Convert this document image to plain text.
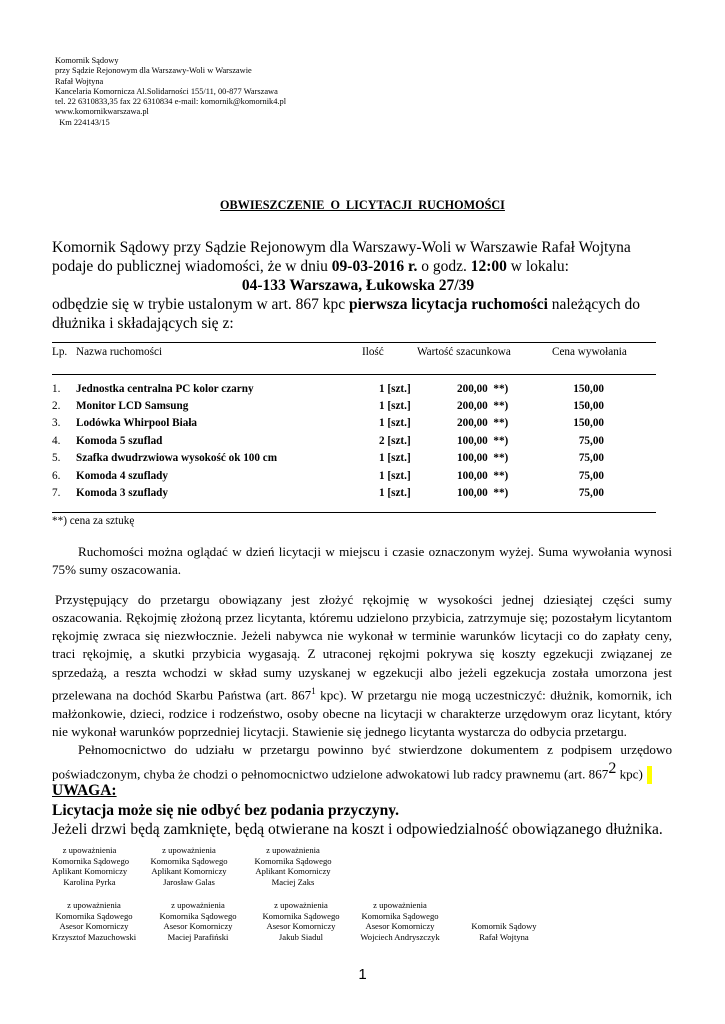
Komornik Sądowy
przy Sądzie Rejonowym dla Warszawy-Woli w Warszawie
Rafał Wojtyna
Kancelaria Komornicza Al.Solidarności 155/11, 00-877 Warszawa
tel. 22 6310833,35 fax 22 6310834 e-mail: komornik@komornik4.pl
www.komornikwarszawa.pl
Km 224143/15
OBWIESZCZENIE  O  LICYTACJI  RUCHOMOŚCI
Komornik Sądowy przy Sądzie Rejonowym dla Warszawy-Woli w Warszawie Rafał Wojtyna podaje do publicznej wiadomości, że w dniu 09-03-2016 r. o godz. 12:00 w lokalu:
04-133 Warszawa, Łukowska 27/39
odbędzie się w trybie ustalonym w art. 867 kpc pierwsza licytacja ruchomości należących do dłużnika i składających się z:
Lp.	Nazwa ruchomości	Ilość	Wartość szacunkowa	Cena wywołania

1.	Jednostka centralna PC kolor czarny	1 [szt.]	200,00  **)	150,00
2.	Monitor LCD Samsung	1 [szt.]	200,00  **)	150,00
3.	Lodówka Whirpool Biała	1 [szt.]	200,00  **)	150,00
4.	Komoda 5 szuflad	2 [szt.]	100,00  **)	75,00
5.	Szafka dwudrzwiowa wysokość ok 100 cm	1 [szt.]	100,00  **)	75,00
6.	Komoda 4 szuflady	1 [szt.]	100,00  **)	75,00
7.	Komoda 3 szuflady	1 [szt.]	100,00  **)	75,00
**) cena za sztukę

Ruchomości można oglądać w dzień licytacji w miejscu i czasie oznaczonym wyżej. Suma wywołania wynosi 75% sumy oszacowania.

Przystępujący do przetargu obowiązany jest złożyć rękojmię w wysokości jednej dziesiątej części sumy oszacowania. Rękojmię złożoną przez licytanta, któremu udzielono przybicia, zatrzymuje się; pozostałym licytantom rękojmię zwraca się niezwłocznie. Jeżeli nabywca nie wykonał w terminie warunków licytacji co do zapłaty ceny, traci rękojmię, a skutki przybicia wygasają. Z utraconej rękojmi pokrywa się koszty egzekucji związanej ze sprzedażą, a reszta wchodzi w skład sumy uzyskanej w egzekucji albo jeżeli egzekucja została umorzona jest przelewana na dochód Skarbu Państwa (art. $867^1$ kpc). W przetargu nie mogą uczestniczyć: dłużnik, komornik, ich małżonkowie, dzieci, rodzice i rodzeństwo, osoby obecne na licytacji w charakterze urzędowym oraz licytant, który nie wykonał warunków poprzedniej licytacji. Stawienie się jednego licytanta wystarcza do odbycia przetargu.

Pełnomocnictwo do udziału w przetargu powinno być stwierdzone dokumentem z podpisem urzędowo poświadczonym, chyba że chodzi o pełnomocnictwo udzielone adwokatowi lub radcy prawnemu (art. $867^2$ kpc)

UWAGA:
Licytacja może się nie odbyć bez podania przyczyny.
Jeżeli drzwi będą zamknięte, będą otwierane na koszt i odpowiedzialność obowiązanego dłużnika.
z upoważnienia
Komornika Sądowego
Aplikant Komorniczy
Karolina Pyrka
z upoważnienia
Komornika Sądowego
Aplikant Komorniczy
Jarosław Galas
z upoważnienia
Komornika Sądowego
Aplikant Komorniczy
Maciej Zaks
z upoważnienia
Komornika Sądowego
Asesor Komorniczy
Krzysztof Mazuchowski
z upoważnienia
Komornika Sądowego
Asesor Komorniczy
Maciej Parafiński
z upoważnienia
Komornika Sądowego
Asesor Komorniczy
Jakub Siadul
z upoważnienia
Komornika Sądowego
Asesor Komorniczy
Wojciech Andryszczyk
Komornik Sądowy
Rafał Wojtyna
1
